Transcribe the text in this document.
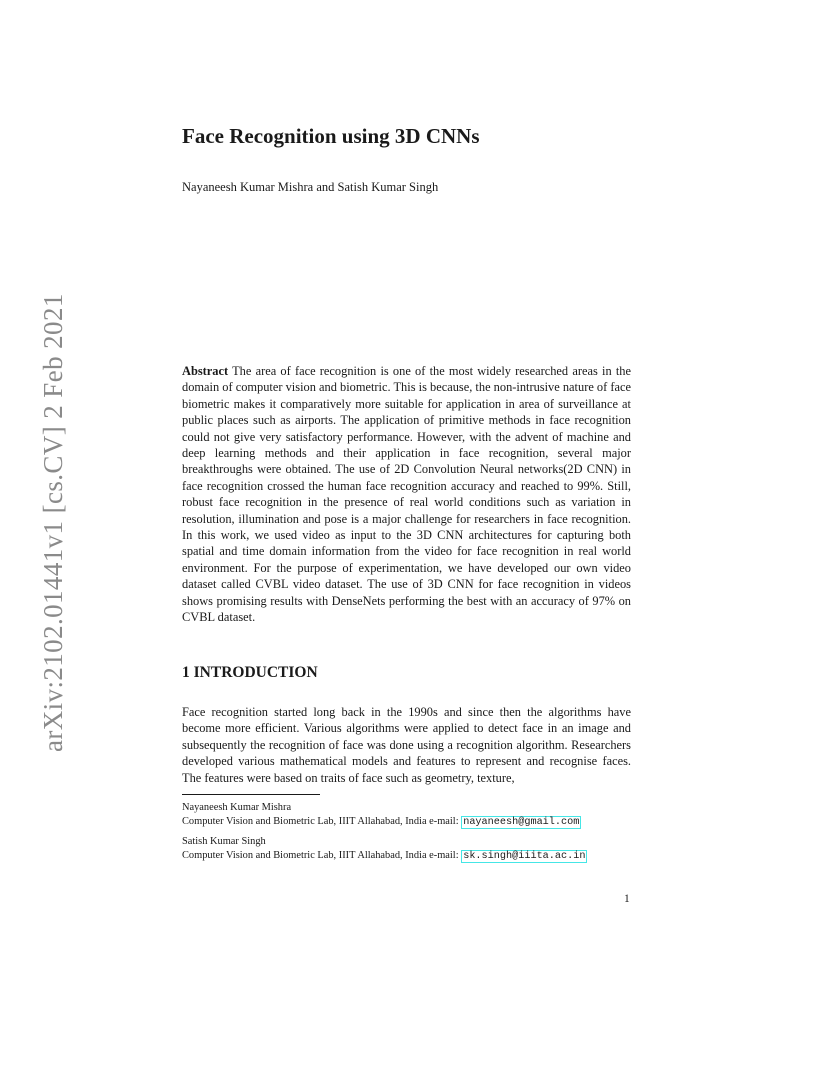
arXiv:2102.01441v1 [cs.CV] 2 Feb 2021
Face Recognition using 3D CNNs
Nayaneesh Kumar Mishra and Satish Kumar Singh

Abstract The area of face recognition is one of the most widely researched areas in the domain of computer vision and biometric. This is because, the non-intrusive nature of face biometric makes it comparatively more suitable for application in area of surveillance at public places such as airports. The application of primitive methods in face recognition could not give very satisfactory performance. However, with the advent of machine and deep learning methods and their application in face recognition, several major breakthroughs were obtained. The use of 2D Convolution Neural networks(2D CNN) in face recognition crossed the human face recognition accuracy and reached to 99%. Still, robust face recognition in the presence of real world conditions such as variation in resolution, illumination and pose is a major challenge for researchers in face recognition. In this work, we used video as input to the 3D CNN architectures for capturing both spatial and time domain information from the video for face recognition in real world environment. For the purpose of experimentation, we have developed our own video dataset called CVBL video dataset. The use of 3D CNN for face recognition in videos shows promising results with DenseNets performing the best with an accuracy of 97% on CVBL dataset.

1 INTRODUCTION

Face recognition started long back in the 1990s and since then the algorithms have become more efficient. Various algorithms were applied to detect face in an image and subsequently the recognition of face was done using a recognition algorithm. Researchers developed various mathematical models and features to represent and recognise faces. The features were based on traits of face such as geometry, texture,

Nayaneesh Kumar Mishra
Computer Vision and Biometric Lab, IIIT Allahabad, India e-mail: nayaneesh@gmail.com
Satish Kumar Singh
Computer Vision and Biometric Lab, IIIT Allahabad, India e-mail: sk.singh@iiita.ac.in
1
